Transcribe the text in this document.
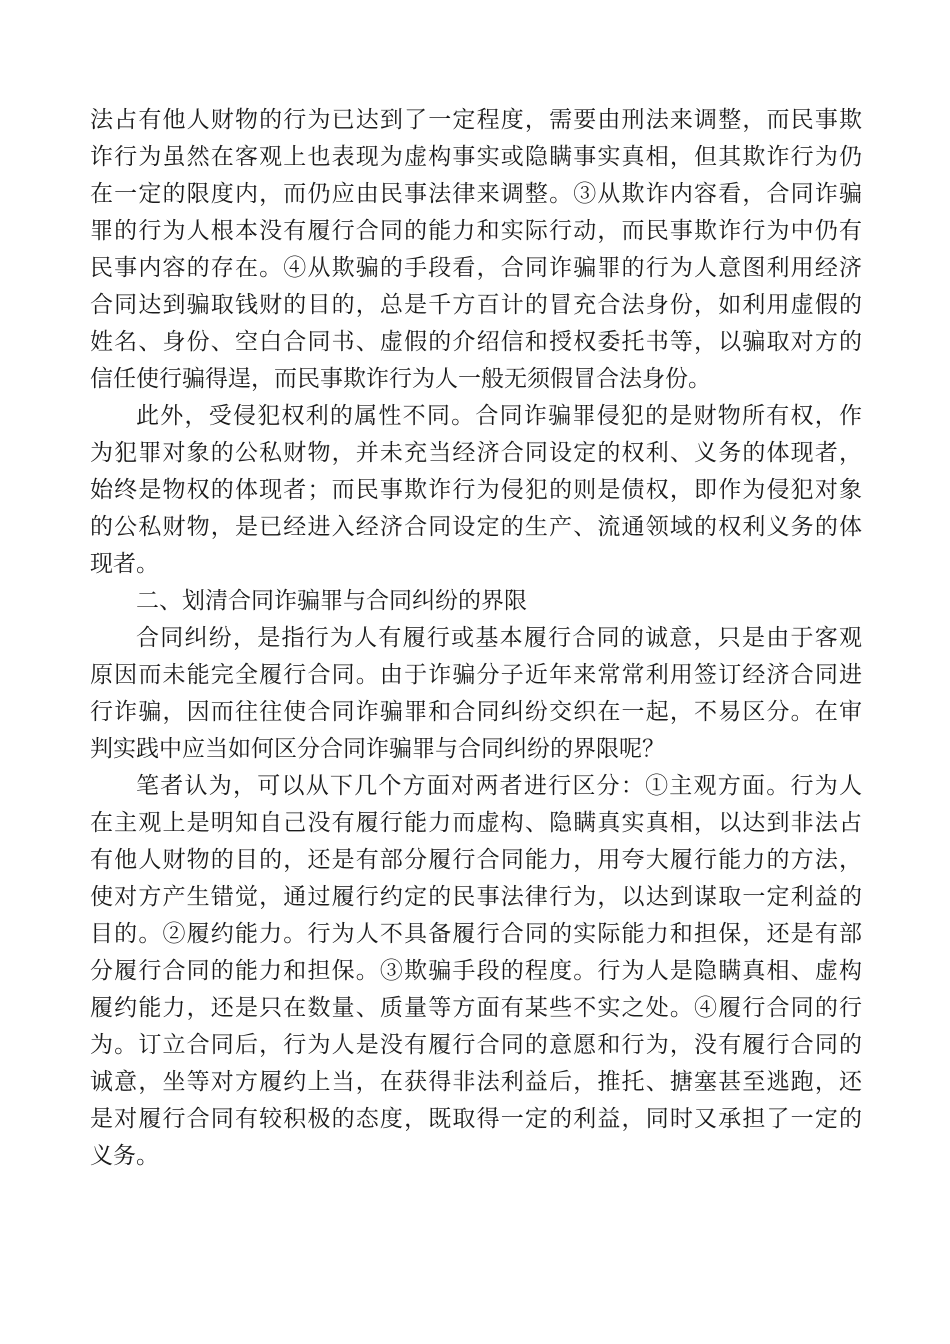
法占有他人财物的行为已达到了一定程度，需要由刑法来调整，而民事欺
诈行为虽然在客观上也表现为虚构事实或隐瞒事实真相，但其欺诈行为仍
在一定的限度内，而仍应由民事法律来调整。③从欺诈内容看，合同诈骗
罪的行为人根本没有履行合同的能力和实际行动，而民事欺诈行为中仍有
民事内容的存在。④从欺骗的手段看，合同诈骗罪的行为人意图利用经济
合同达到骗取钱财的目的，总是千方百计的冒充合法身份，如利用虚假的
姓名、身份、空白合同书、虚假的介绍信和授权委托书等，以骗取对方的
信任使行骗得逞，而民事欺诈行为人一般无须假冒合法身份。
此外，受侵犯权利的属性不同。合同诈骗罪侵犯的是财物所有权，作
为犯罪对象的公私财物，并未充当经济合同设定的权利、义务的体现者，
始终是物权的体现者；而民事欺诈行为侵犯的则是债权，即作为侵犯对象
的公私财物，是已经进入经济合同设定的生产、流通领域的权利义务的体
现者。
二、划清合同诈骗罪与合同纠纷的界限
合同纠纷，是指行为人有履行或基本履行合同的诚意，只是由于客观
原因而未能完全履行合同。由于诈骗分子近年来常常利用签订经济合同进
行诈骗，因而往往使合同诈骗罪和合同纠纷交织在一起，不易区分。在审
判实践中应当如何区分合同诈骗罪与合同纠纷的界限呢？
笔者认为，可以从下几个方面对两者进行区分：①主观方面。行为人
在主观上是明知自己没有履行能力而虚构、隐瞒真实真相，以达到非法占
有他人财物的目的，还是有部分履行合同能力，用夸大履行能力的方法，
使对方产生错觉，通过履行约定的民事法律行为，以达到谋取一定利益的
目的。②履约能力。行为人不具备履行合同的实际能力和担保，还是有部
分履行合同的能力和担保。③欺骗手段的程度。行为人是隐瞒真相、虚构
履约能力，还是只在数量、质量等方面有某些不实之处。④履行合同的行
为。订立合同后，行为人是没有履行合同的意愿和行为，没有履行合同的
诚意，坐等对方履约上当，在获得非法利益后，推托、搪塞甚至逃跑，还
是对履行合同有较积极的态度，既取得一定的利益，同时又承担了一定的
义务。
